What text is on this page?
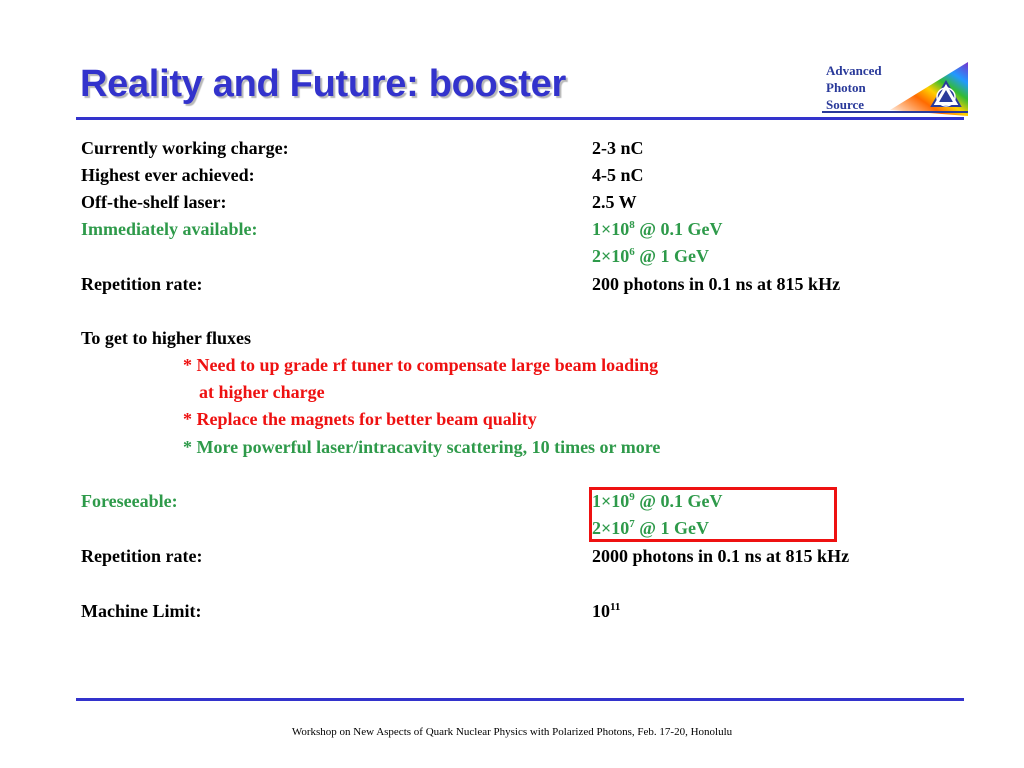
Reality and Future: booster	Advanced
Photon
Source
Currently working charge:	2-3 nC
Highest ever achieved:	4-5 nC
Off-the-shelf laser:	2.5 W
Immediately available:	$1\times 10^8$ @ 0.1 GeV
$2\times 10^6$ @ 1 GeV
Repetition rate:	200 photons in 0.1 ns at 815 kHz
To get to higher fluxes
* Need to up grade rf tuner to compensate large beam loading
at higher charge
* Replace the magnets for better beam quality
* More powerful laser/intracavity scattering, 10 times or more
Foreseeable:	$1\times 10^9$ @ 0.1 GeV
$2\times 10^7$ @ 1 GeV
Repetition rate:	2000 photons in 0.1 ns at 815 kHz
Machine Limit:	$10^{11}$
Workshop on New Aspects of Quark Nuclear Physics with Polarized Photons, Feb. 17-20, Honolulu
